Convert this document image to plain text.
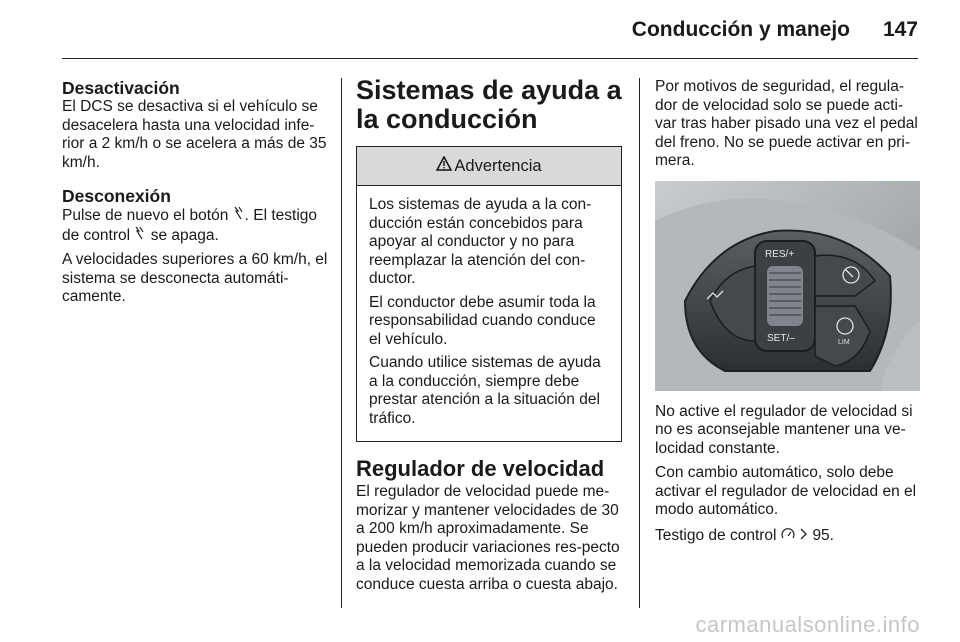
Conducción y manejo 147
Desactivación

El DCS se desactiva si el vehículo se desacelera hasta una velocidad infe-rior a 2 km/h o se acelera a más de 35 km/h.

Desconexión

Pulse de nuevo el botón . El testigo de control se apaga.

A velocidades superiores a 60 km/h, el sistema se desconecta automáti-camente.

Sistemas de ayuda a la conducción
Advertencia

Los sistemas de ayuda a la con-ducción están concebidos para apoyar al conductor y no para reemplazar la atención del con-ductor.

El conductor debe asumir toda la responsabilidad cuando conduce el vehículo.

Cuando utilice sistemas de ayuda a la conducción, siempre debe prestar atención a la situación del tráfico.

Regulador de velocidad

El regulador de velocidad puede me-morizar y mantener velocidades de 30 a 200 km/h aproximadamente. Se pueden producir variaciones res-pecto a la velocidad memorizada cuando se conduce cuesta arriba o cuesta abajo.

Por motivos de seguridad, el regula-dor de velocidad solo se puede acti-var tras haber pisado una vez el pedal del freno. No se puede activar en pri-mera.

RES/+
SET/–	LIM

No active el regulador de velocidad si no es aconsejable mantener una ve-locidad constante.

Con cambio automático, solo debe activar el regulador de velocidad en el modo automático.

Testigo de control 95.

carmanualsonline.info
